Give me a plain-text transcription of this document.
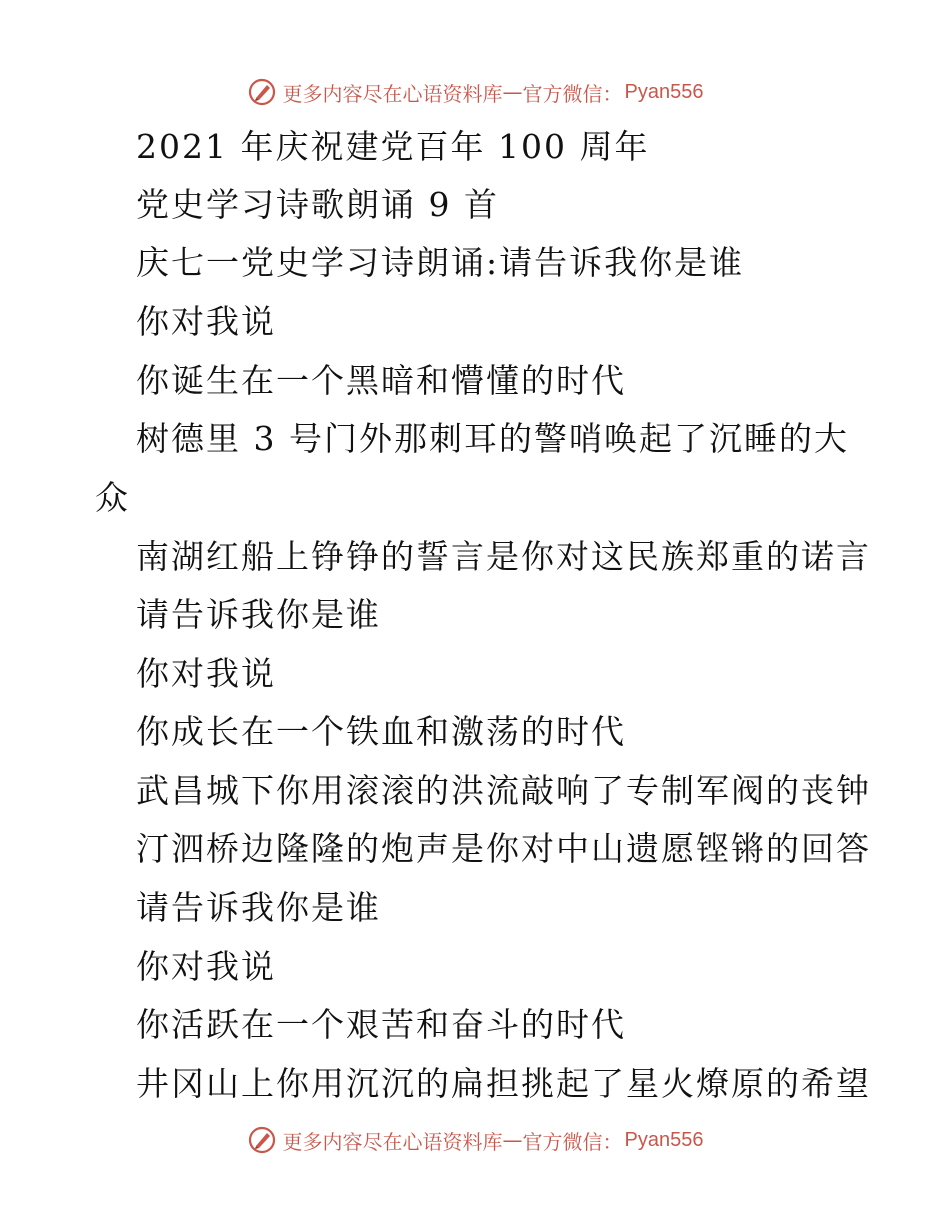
更多内容尽在心语资料库 — 官方微信： Pyan556
2021 年庆祝建党百年 100 周年
党史学习诗歌朗诵 9 首
庆七一党史学习诗朗诵:请告诉我你是谁
你对我说
你诞生在一个黑暗和懵懂的时代
树德里 3 号门外那刺耳的警哨唤起了沉睡的大
众
南湖红船上铮铮的誓言是你对这民族郑重的诺言
请告诉我你是谁
你对我说
你成长在一个铁血和激荡的时代
武昌城下你用滚滚的洪流敲响了专制军阀的丧钟
汀泗桥边隆隆的炮声是你对中山遗愿铿锵的回答
请告诉我你是谁
你对我说
你活跃在一个艰苦和奋斗的时代
井冈山上你用沉沉的扁担挑起了星火燎原的希望
更多内容尽在心语资料库 — 官方微信： Pyan556
